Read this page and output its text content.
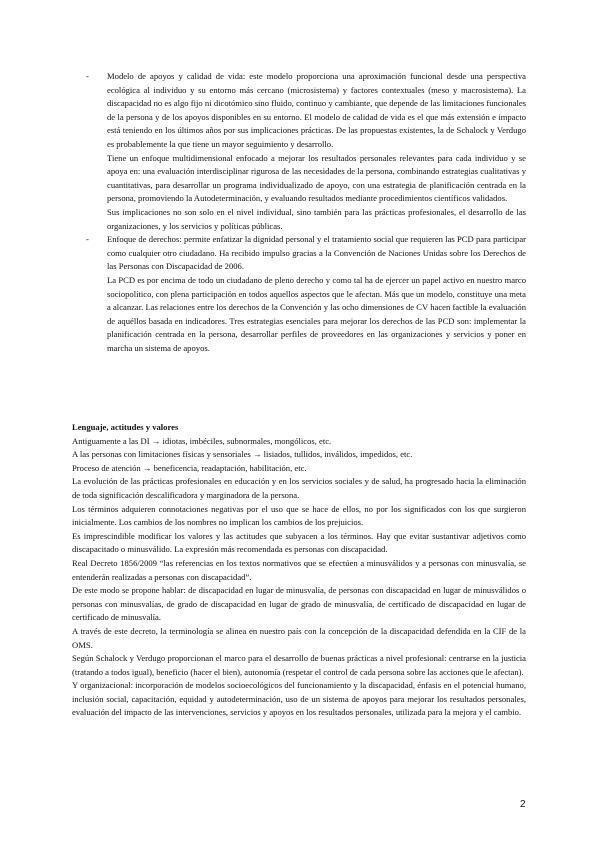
- Modelo de apoyos y calidad de vida: este modelo proporciona una aproximación funcional desde una perspectiva ecológica al individuo y su entorno más cercano (microsistema) y factores contextuales (meso y macrosistema). La discapacidad no es algo fijo ni dicotómico sino fluido, continuo y cambiante, que depende de las limitaciones funcionales de la persona y de los apoyos disponibles en su entorno. El modelo de calidad de vida es el que más extensión e impacto está teniendo en los últimos años por sus implicaciones prácticas. De las propuestas existentes, la de Schalock y Verdugo es probablemente la que tiene un mayor seguimiento y desarrollo.

Tiene un enfoque multidimensional enfocado a mejorar los resultados personales relevantes para cada individuo y se apoya en: una evaluación interdisciplinar rigurosa de las necesidades de la persona, combinando estrategias cualitativas y cuantitativas, para desarrollar un programa individualizado de apoyo, con una estrategia de planificación centrada en la persona, promoviendo la Autodeterminación, y evaluando resultados mediante procedimientos científicos validados.

Sus implicaciones no son solo en el nivel individual, sino también para las prácticas profesionales, el desarrollo de las organizaciones, y los servicios y políticas públicas.

- Enfoque de derechos: permite enfatizar la dignidad personal y el tratamiento social que requieren las PCD para participar como cualquier otro ciudadano. Ha recibido impulso gracias a la Convención de Naciones Unidas sobre los Derechos de las Personas con Discapacidad de 2006.

La PCD es por encima de todo un ciudadano de pleno derecho y como tal ha de ejercer un papel activo en nuestro marco sociopolítico, con plena participación en todos aquellos aspectos que le afectan. Más que un modelo, constituye una meta a alcanzar. Las relaciones entre los derechos de la Convención y las ocho dimensiones de CV hacen factible la evaluación de aquéllos basada en indicadores. Tres estrategias esenciales para mejorar los derechos de las PCD son: implementar la planificación centrada en la persona, desarrollar perfiles de proveedores en las organizaciones y servicios y poner en marcha un sistema de apoyos.

Lenguaje, actitudes y valores

Antiguamente a las DI → idiotas, imbéciles, subnormales, mongólicos, etc.

A las personas con limitaciones físicas y sensoriales → lisiados, tullidos, inválidos, impedidos, etc.

Proceso de atención → beneficencia, readaptación, habilitación, etc.

La evolución de las prácticas profesionales en educación y en los servicios sociales y de salud, ha progresado hacia la eliminación de toda significación descalificadora y marginadora de la persona.

Los términos adquieren connotaciones negativas por el uso que se hace de ellos, no por los significados con los que surgieron inicialmente. Los cambios de los nombres no implican los cambios de los prejuicios.

Es imprescindible modificar los valores y las actitudes que subyacen a los términos. Hay que evitar sustantivar adjetivos como discapacitado o minusválido. La expresión más recomendada es personas con discapacidad.

Real Decreto 1856/2009 “las referencias en los textos normativos que se efectúen a minusválidos y a personas con minusvalía, se entenderán realizadas a personas con discapacidad”.

De este modo se propone hablar: de discapacidad en lugar de minusvalía, de personas con discapacidad en lugar de minusválidos o personas con minusvalías, de grado de discapacidad en lugar de grado de minusvalía, de certificado de discapacidad en lugar de certificado de minusvalía.

A través de este decreto, la terminología se alinea en nuestro país con la concepción de la discapacidad defendida en la CIF de la OMS.

Según Schalock y Verdugo proporcionan el marco para el desarrollo de buenas prácticas a nivel profesional: centrarse en la justicia (tratando a todos igual), beneficio (hacer el bien), autonomía (respetar el control de cada persona sobre las acciones que le afectan).

Y organizacional: incorporación de modelos socioecológicos del funcionamiento y la discapacidad, énfasis en el potencial humano, inclusión social, capacitación, equidad y autodeterminación, uso de un sistema de apoyos para mejorar los resultados personales, evaluación del impacto de las intervenciones, servicios y apoyos en los resultados personales, utilizada para la mejora y el cambio.

2
